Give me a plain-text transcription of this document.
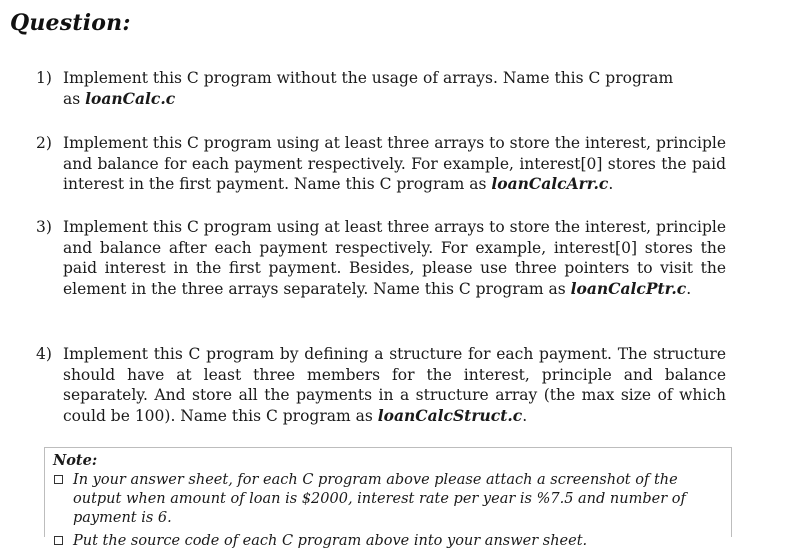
Question:
1) Implement this C program without the usage of arrays. Name this C program as loanCalc.c
2) Implement this C program using at least three arrays to store the interest, principle and balance for each payment respectively. For example, interest[0] stores the paid interest in the first payment. Name this C program as loanCalcArr.c.
3) Implement this C program using at least three arrays to store the interest, principle and balance after each payment respectively. For example, interest[0] stores the paid interest in the first payment. Besides, please use three pointers to visit the element in the three arrays separately. Name this C program as loanCalcPtr.c.
4) Implement this C program by defining a structure for each payment. The structure should have at least three members for the interest, principle and balance separately. And store all the payments in a structure array (the max size of which could be 100). Name this C program as loanCalcStruct.c.
Note:
In your answer sheet, for each C program above please attach a screenshot of the output when amount of loan is $2000, interest rate per year is %7.5 and number of payment is 6.
Put the source code of each C program above into your answer sheet.
